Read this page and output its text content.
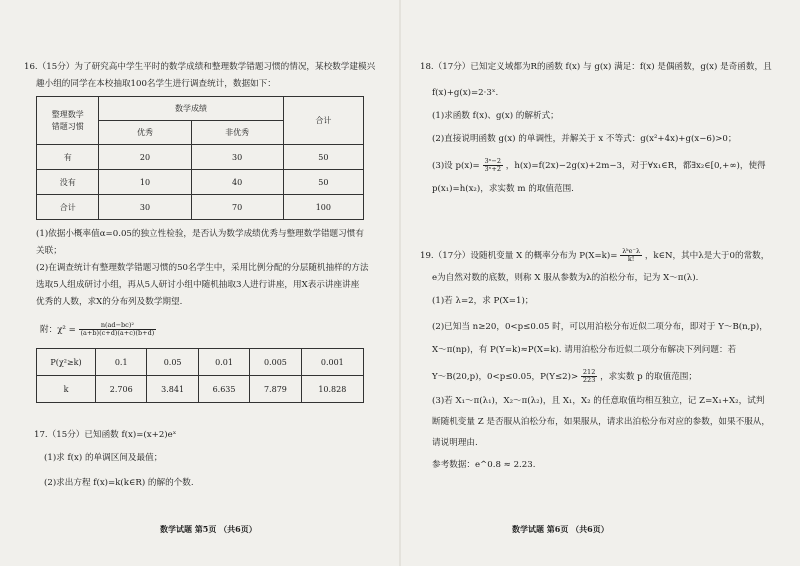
16.（15分）为了研究高中学生平时的数学成绩和整理数学错题习惯的情况，某校数学建模兴
趣小组的同学在本校抽取100名学生进行调查统计，数据如下：
整理数学
错题习惯	数学成绩		合计
	优秀	非优秀	
有	20	30	50
没有	10	40	50
合计	30	70	100
(1)依据小概率值α=0.05的独立性检验，是否认为数学成绩优秀与整理数学错题习惯有
关联；
(2)在调查统计有整理数学错题习惯的50名学生中，采用比例分配的分层随机抽样的方法
选取5人组成研讨小组，再从5人研讨小组中随机抽取3人进行讲座，用X表示讲座讲座
优秀的人数，求X的分布列及数学期望.
附：$\chi^2 = \frac{\text{n(ad−bc)²}}{(a+b)(c+d)(a+c)(b+d)}$
P(χ²≥k)	0.1	0.05	0.01	0.005	0.001
k	2.706	3.841	6.635	7.879	10.828
17.（15分）已知函数 f(x)=(x+2)eˣ
(1)求 f(x) 的单调区间及最值；
(2)求出方程 f(x)=k(k∈R) 的解的个数.
数学试题 第5页 （共6页）
18.（17分）已知定义域都为R的函数 f(x) 与 g(x) 满足：f(x) 是偶函数，g(x) 是奇函数，且
f(x)+g(x)=2·3ˣ.
(1)求函数 f(x)、g(x) 的解析式；
(2)直接说明函数 g(x) 的单调性，并解关于 x 不等式：g(x²+4x)+g(x−6)>0；
(3)设 $p(x)= \frac{\text{3ˣ−2}}{\text{3ˣ+2}}$ ，h(x)=f(2x)−2g(x)+2m−3，对于∀x₁∈R，都∃x₂∈[0,+∞)，使得
p(x₁)=h(x₂)，求实数 m 的取值范围.
19.（17分）设随机变量 X 的概率分布为 $P(X=k)= \frac{\text{λᵏe⁻λ}}{k!}$ ，k∈N，其中λ是大于0的常数，
e为自然对数的底数，则称 X 服从参数为λ的泊松分布，记为 X～π(λ).
(1)若 λ=2，求 P(X=1)；
(2)已知当 n≥20，0<p≤0.05 时，可以用泊松分布近似二项分布，即对于 Y～B(n,p)，
X～π(np)，有 P(Y=k)≈P(X=k). 请用泊松分布近似二项分布解决下列问题：若
Y～B(20,p)，0<p≤0.05，$P(Y\le 2)> \frac{212}{223}$ ，求实数 p 的取值范围；
(3)若 X₁～π(λ₁)，X₂～π(λ₂)，且 X₁，X₂ 的任意取值均相互独立，记 Z=X₁+X₂，试判
断随机变量 Z 是否服从泊松分布，如果服从，请求出泊松分布对应的参数，如果不服从，
请说明理由.
参考数据：e^0.8 ≈ 2.23.
数学试题 第6页 （共6页）
